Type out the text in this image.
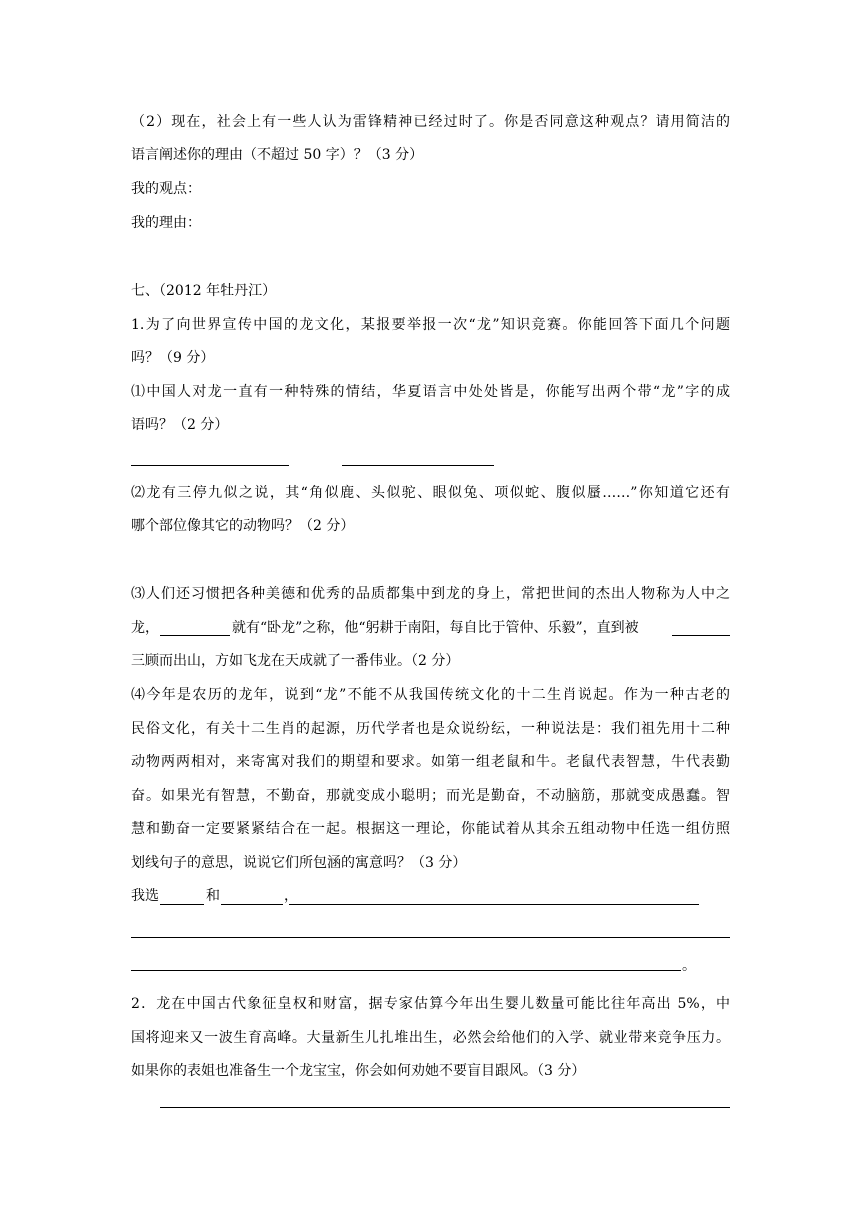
（2）现在，社会上有一些人认为雷锋精神已经过时了。你是否同意这种观点？请用简洁的
语言阐述你的理由（不超过 50 字）？（3 分）
我的观点：
我的理由：
七、（2012 年牡丹江）
1.为了向世界宣传中国的龙文化，某报要举报一次“龙”知识竞赛。你能回答下面几个问题
吗？（9 分）
⑴中国人对龙一直有一种特殊的情结，华夏语言中处处皆是，你能写出两个带“龙”字的成
语吗？（2 分）
⑵龙有三停九似之说，其“角似鹿、头似驼、眼似兔、项似蛇、腹似蜃……”你知道它还有
哪个部位像其它的动物吗？（2 分）
⑶人们还习惯把各种美德和优秀的品质都集中到龙的身上，常把世间的杰出人物称为人中之
龙，	就有“卧龙”之称，他“躬耕于南阳，每自比于管仲、乐毅”，直到被
三顾而出山，方如飞龙在天成就了一番伟业。（2 分）
⑷今年是农历的龙年，说到“龙”不能不从我国传统文化的十二生肖说起。作为一种古老的
民俗文化，有关十二生肖的起源，历代学者也是众说纷纭，一种说法是：我们祖先用十二种
动物两两相对，来寄寓对我们的期望和要求。如第一组老鼠和牛。老鼠代表智慧，牛代表勤
奋。如果光有智慧，不勤奋，那就变成小聪明；而光是勤奋，不动脑筋，那就变成愚蠢。智
慧和勤奋一定要紧紧结合在一起。根据这一理论，你能试着从其余五组动物中任选一组仿照
划线句子的意思，说说它们所包涵的寓意吗？（3 分）
我选	和	，
。
2．龙在中国古代象征皇权和财富，据专家估算今年出生婴儿数量可能比往年高出 5%，中
国将迎来又一波生育高峰。大量新生儿扎堆出生，必然会给他们的入学、就业带来竞争压力。
如果你的表姐也准备生一个龙宝宝，你会如何劝她不要盲目跟风。（3 分）
